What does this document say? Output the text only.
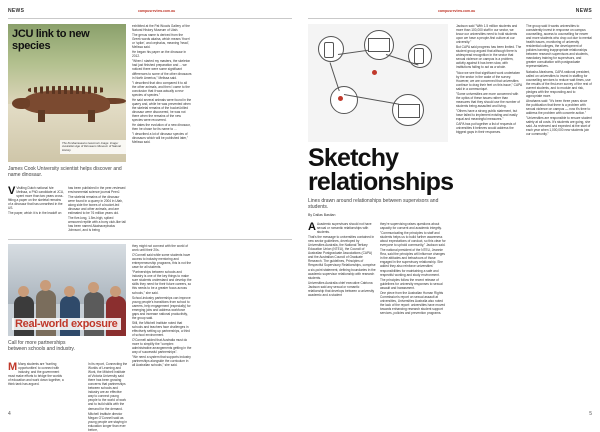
NEWS	campusreview.com.au
JCU link to new species
The Kunbarrasaurus Ieevorum image. Image: Australian Age of Dinosaurs Museum of Natural History.
James Cook University scientist helps discover and name dinosaur.

V Visiting Dutch national Ivie Melissa, a PhD candidate at JCU, spent more than two years cross-fitting a paper on the skeletal remains of a dinosaur that has unearthed in the US.

The paper, which it is in the leadoff on

has been published in the peer-reviewed environmental science journal PeerJ.

The skeletal remains of the dinosaur were found in a quarry in 2004 in Utah, along side the bones of a bucket-led dinosaur and other animals, and are estimated to be 76 million years old.

The five-long, 1.5m-high, spiked armoured reptile with a bony club-like tail has been named Akainacephalus Johnsoni, and is being

exhibited at the Pat Woods Gallery of the Natural History Museum of Utah.

The genus name is derived from the Greek words akaina, which means 'thorn' or 'spike', and cephalus, meaning 'head', Melissa said.

He began his paper on the dinosaur in 2012.

"When I started my masters, the skeleton had just finished preparation and ... we noticed there were some significant differences to some of the other dinosaurs in North America," Melissa said.

"I described that dino compared it to all the other animals, and then I came to the conclusion that it was actually a new species of species."

He said several animals were found in the quarry and, while he was prevented when the skeletal remains of the bucket-billed dinosaur were discovered, he was not there when the remains of the new species were recovered.

He dates the evolution of a new dinosaur, then he chose for its name to ...

"I described a lot of dinosaur species of dinosaurs which will be published later," Melissa said.

Real-world exposure
Call for more partnerships between schools and industry.

M Many students are 'hunting opportunities' to connect with industry, and the government must make efforts to bridge the worlds of education and work down together, a think tank has argued.

In its report, Connecting the Worlds of Learning and Work, the Mitchell Institute at Victoria University said there has been growing concerns that partnerships between schools and industry are an effective way to connect young people to the world of work and to build skills with the demand for the demand.

Mitchell Institute director Megan O'Connell said as young people are staying in education longer than ever before,

they might not connect with the world of work until their 20s.

O'Connell said while some students have access to industry mentoring and entrepreneurship programs, this is not the case for all students.

"Partnerships between schools and industry is one of the key things to make sure students understand and develop the skills they need for their future careers, so this needs to be a greater focus across schools," she said.

School-industry partnerships can improve young people's transitions from school to careers, help engagement (especially) for emerging jobs and address workforce gaps and increase national productivity, the group said.

Still, the Mitchell Institute noted that schools and teachers face challenges in effectively setting up partnerships, a third of school environment.

O'Connell added that Australia must do more to simplify the "complex administrative arrangements getting in the way of successful partnerships".

"We need a system that supports industry partnerships alongside the curriculum in all Australian schools," she said.

4
campusreview.com.au	NEWS
Sketchy relationships
Lines drawn around relationships between supervisors and students.
By Dallas Bastian

A Academic supervisors should not have sexual or romantic relationships with students.

That's the message to universities contained in new sector guidelines, developed by Universities Australia, the National Tertiary Education Union (NTEU), the Council of Australian Postgraduate Associations (CAPA) and the Australian Council of Graduate Research. The guidelines, Principles of Respectful Supervisory Relationships, comprise a six-point statement, defining boundaries in the academic supervisor relationship with research students.

Universities Australia chief executive Catriona Jackson said any sexual or romantic relationship that develops between a university academic and a student

they're supervising raises questions about capacity for consent and academic integrity.

"Communicating the principles to staff and students helps us to build further awareness about expectations of conduct, so this clear for everyone to uphold community," Jackson said.

The national president of the NTEU, Jeannie Rea, said the principles will influence changes in the attitudes and behaviours of those engaged in the supervisory relationship. She added they also reinforce universities' responsibilities for maintaining a safe and respectful working and study environment.

The principles follow the recent release of guidelines for university responses to sexual assault and harassment.

One piece from the Australian Human Rights Commission's report on sexual assault at universities, Universities Australia also noted the lack of the report: universities have moved towards enhancing research student support services, policies and prevention programs.

Jackson said "With 1.5 million students and more than 100,000 staff in our sector, we know our universities need to hold students upon we have a people-first culture at our university."

But CAPA said progress has been limited. The student group argued that although there is widespread recognition in the sector that sexual violence on campus is a problem, activity against it has been slow, with institutions failing to act as a whole.

"Now we see that significant work undertaken by the sector in the wake of the survey. However, we are concerned that universities continue to drag their feet on this issue," CAPA said in a communiqué.

"Some universities are more concerned with the optics of these issues rather than measures that they should use the number of students being assaulted and living.

"Others have a strong public statement, but have failed to implement existing and easily equal and meaningful measures."

CAPA has put together a list of requests of universities it believes would address the biggest gaps in their responses.

The group said it wants universities to consistently invest in response on campus counselling, access to counselling for newer and more students who drop out due to mental health issues, monitoring of university residential colleges, the development of policies banning inappropriate relationships between research supervisors and students, mandatory training for supervisors, and greater consultation with postgraduate representatives.

Natasha Abrahams, CAPA national president, called on universities to invest in staffing for counselling services to reduce wait times, use the results of the first-ever survey of the rest of current students, and to module and risk, pledges with the responding and to appropriate more.

Abrahams said: "It's been three years since the publication that there is a problem with sexual violence on campus — now it's time to address the problem with concrete action."

"Universities are responsible to ensure student safety at all costs. It's students are going, she said. As reviewed and expected at the start of each year when 1,000,000 new students join our community."

5
